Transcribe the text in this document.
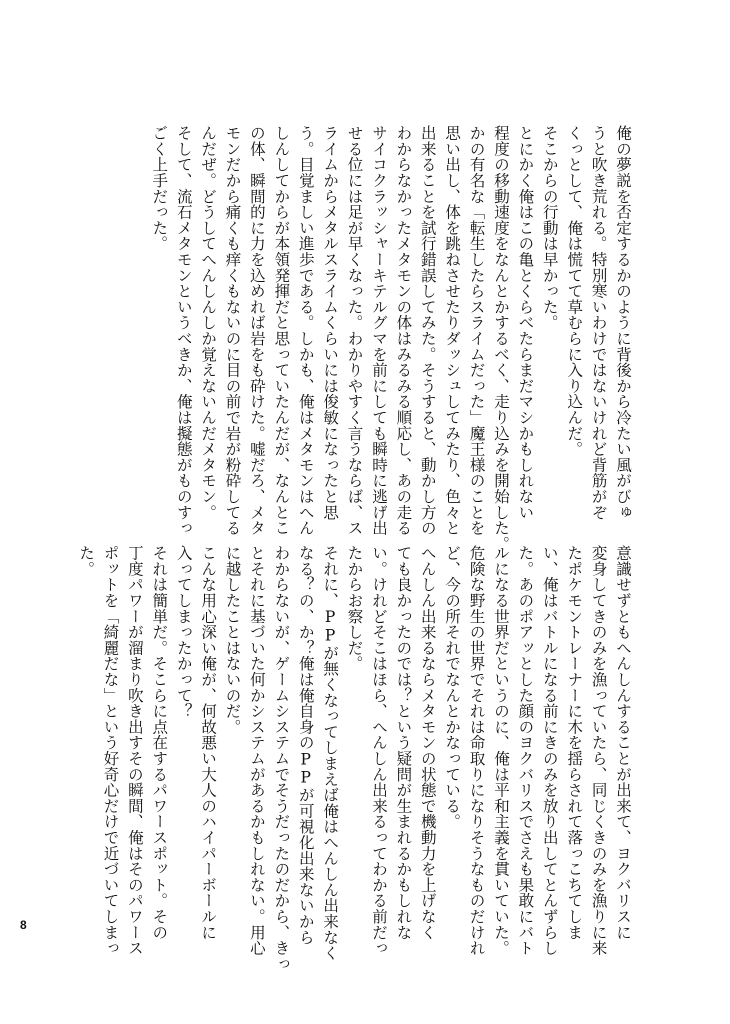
俺の夢説を否定するかのように背後から冷たい風がびゅ
うと吹き荒れる。特別寒いわけではないけれど背筋がぞ
くっとして、俺は慌てて草むらに入り込んだ。
そこからの行動は早かった。
とにかく俺はこの亀とくらべたらまだマシかもしれない
程度の移動速度をなんとかするべく、走り込みを開始した。
かの有名な「転生したらスライムだった」魔王様のことを
思い出し、体を跳ねさせたりダッシュしてみたり、色々と
出来ることを試行錯誤してみた。そうすると、動かし方の
わからなかったメタモンの体はみるみる順応し、あの走る
サイコクラッシャーキテルグマを前にしても瞬時に逃げ出
せる位には足が早くなった。わかりやすく言うならば、ス
ライムからメタルスライムくらいには俊敏になったと思
う。目覚ましい進歩である。しかも、俺はメタモンはへん
しんしてからが本領発揮だと思っていたんだが、なんとこ
の体、瞬間的に力を込めれば岩をも砕けた。嘘だろ、メタ
モンだから痛くも痒くもないのに目の前で岩が粉砕してる
んだぜ。どうしてへんしんしか覚えないんだメタモン。
そして、流石メタモンというべきか、俺は擬態がものすっ
ごく上手だった。
意識せずともへんしんすることが出来て、ヨクバリスに
変身してきのみを漁っていたら、同じくきのみを漁りに来
たポケモントレーナーに木を揺らされて落っこちてしま
い、俺はバトルになる前にきのみを放り出してとんずらし
た。あのポアッとした顔のヨクバリスでさえも果敢にバト
ルになる世界だというのに、俺は平和主義を貫いていた。
危険な野生の世界でそれは命取りになりそうなものだけれ
ど、今の所それでなんとかなっている。
へんしん出来るならメタモンの状態で機動力を上げなく
ても良かったのでは？という疑問が生まれるかもしれな
い。けれどそこはほら、へんしん出来るってわかる前だっ
たからお察しだ。
それに、PPが無くなってしまえば俺はへんしん出来なく
なる？の、か？俺は俺自身のPPが可視化出来ないから
わからないが、ゲームシステムでそうだったのだから、きっ
とそれに基づいた何かシステムがあるかもしれない。用心
に越したことはないのだ。
こんな用心深い俺が、何故悪い大人のハイパーボールに
入ってしまったかって？
それは簡単だ。そこらに点在するパワースポット。その
丁度パワーが溜まり吹き出すその瞬間、俺はそのパワース
ポットを「綺麗だな」という好奇心だけで近づいてしまっ
た。
8
